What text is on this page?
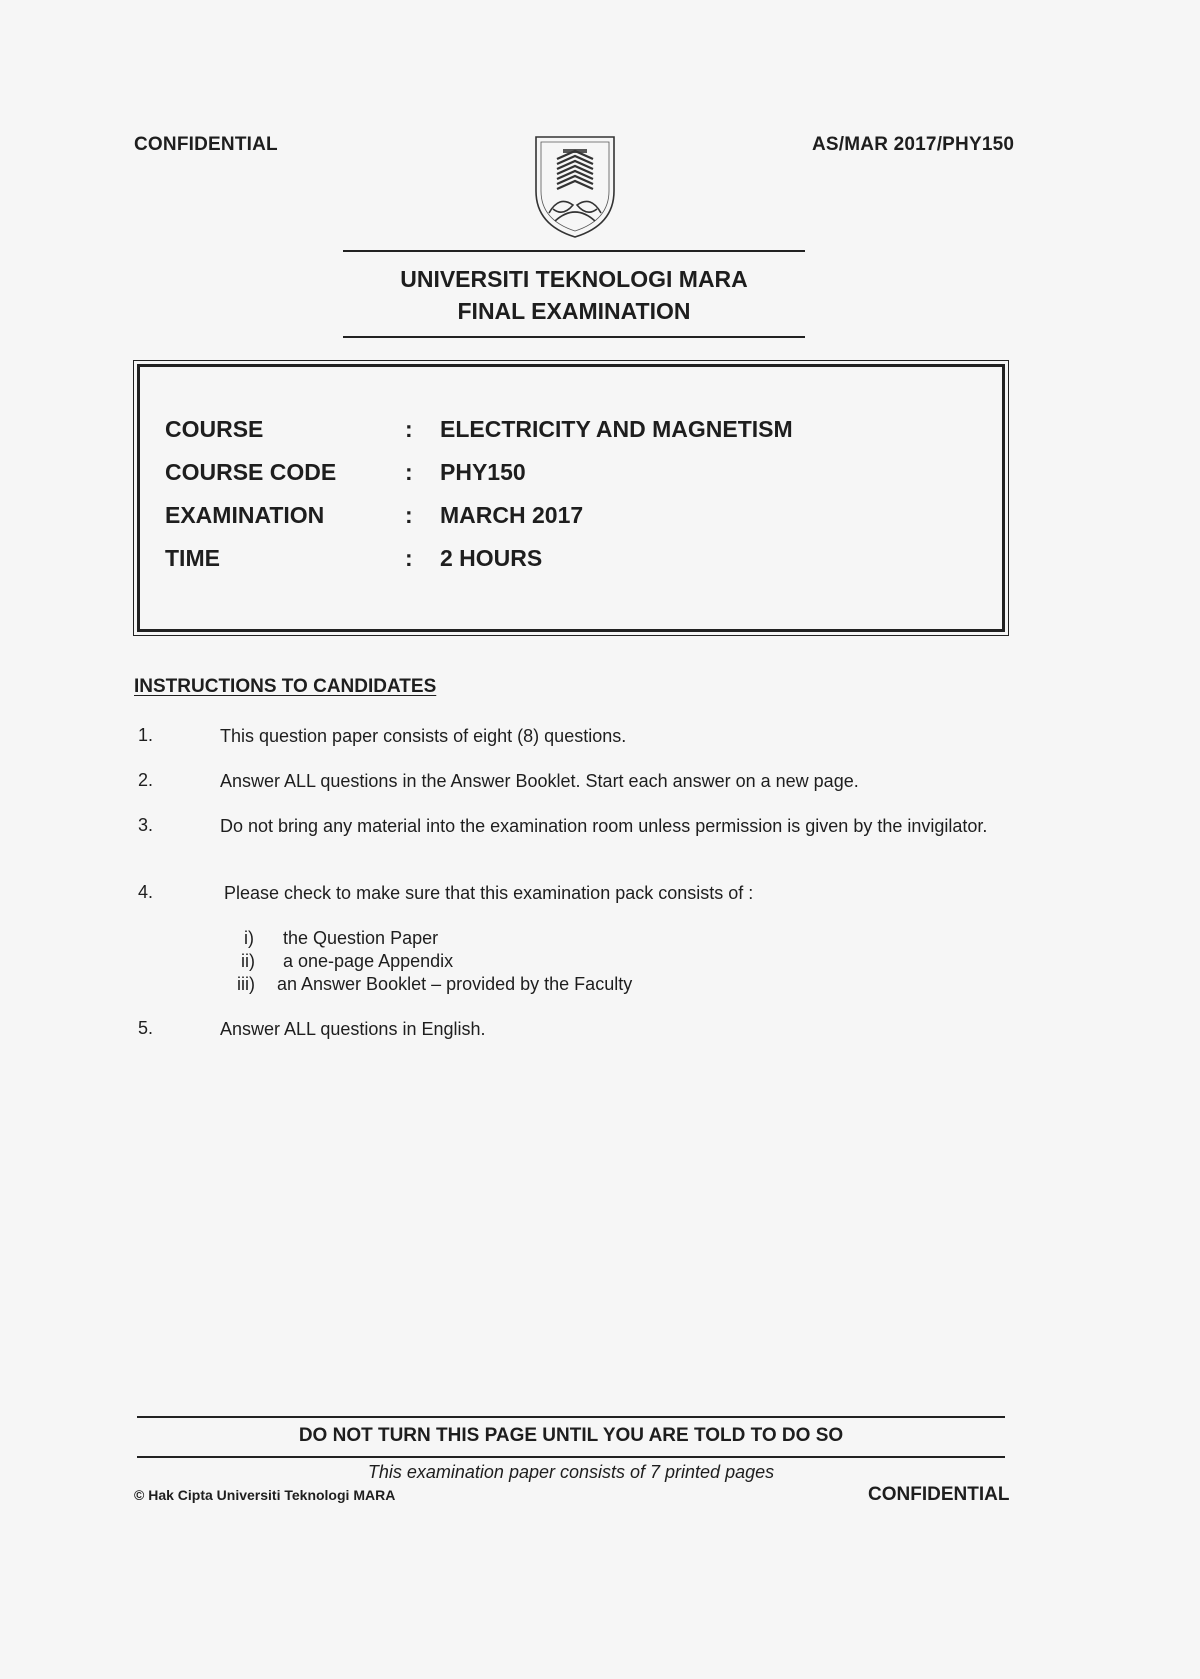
CONFIDENTIAL	AS/MAR 2017/PHY150
UNIVERSITI TEKNOLOGI MARA
FINAL EXAMINATION
COURSE	: ELECTRICITY AND MAGNETISM
COURSE CODE	: PHY150
EXAMINATION	: MARCH 2017
TIME	: 2 HOURS
INSTRUCTIONS TO CANDIDATES
1.	This question paper consists of eight (8) questions.
2.	Answer ALL questions in the Answer Booklet. Start each answer on a new page.
3.	Do not bring any material into the examination room unless permission is given by the invigilator.
4.	Please check to make sure that this examination pack consists of :
i) the Question Paper
ii) a one-page Appendix
iii) an Answer Booklet – provided by the Faculty
5.	Answer ALL questions in English.
DO NOT TURN THIS PAGE UNTIL YOU ARE TOLD TO DO SO
This examination paper consists of 7 printed pages
© Hak Cipta Universiti Teknologi MARA	CONFIDENTIAL
